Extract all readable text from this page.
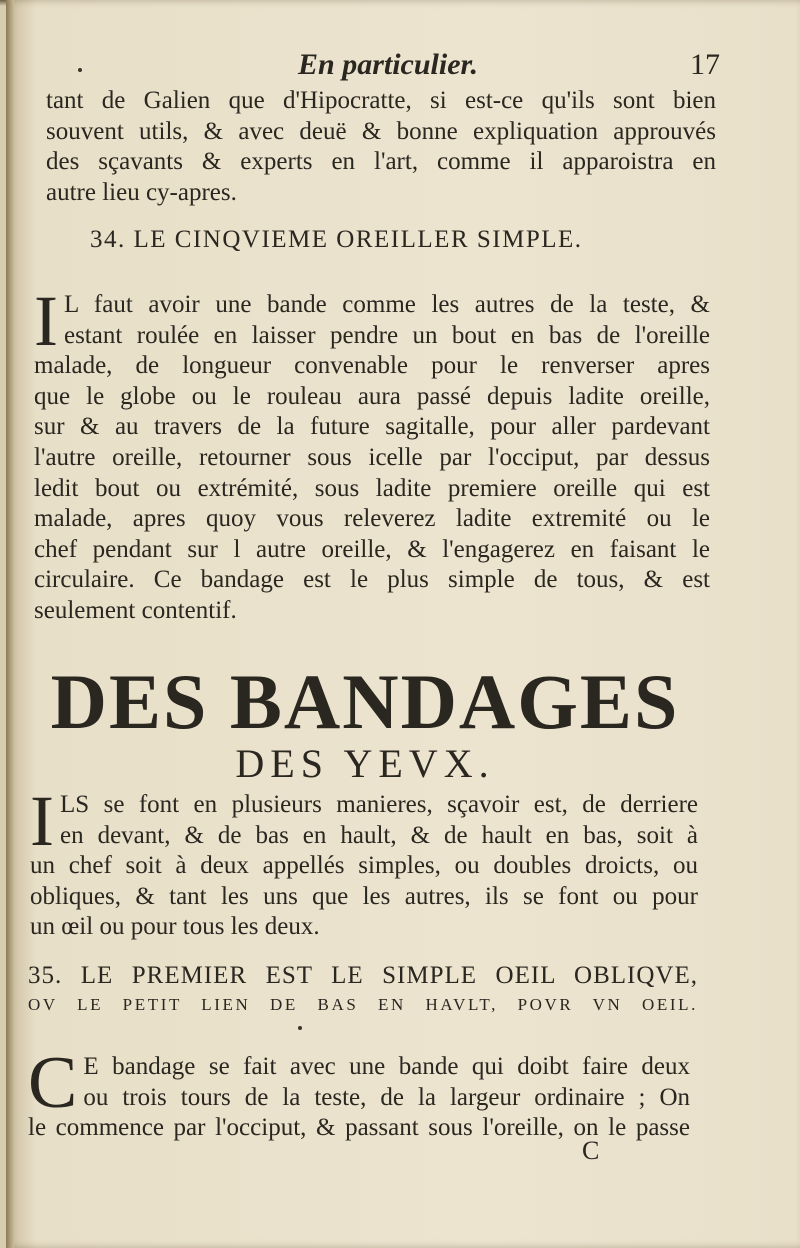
En particulier.	17
tant de Galien que d'Hipocratte, si est-ce qu'ils sont bien
souvent utils, & avec deuë & bonne expliquation approuvés
des sçavants & experts en l'art, comme il apparoistra en
autre lieu cy-apres.
34. LE CINQVIEME OREILLER SIMPLE.
I L faut avoir une bande comme les autres de la teste, &
estant roulée en laisser pendre un bout en bas de l'oreille
malade, de longueur convenable pour le renverser apres
que le globe ou le rouleau aura passé depuis ladite oreille,
sur & au travers de la future sagitalle, pour aller pardevant
l'autre oreille, retourner sous icelle par l'occiput, par dessus
ledit bout ou extrémité, sous ladite premiere oreille qui est
malade, apres quoy vous releverez ladite extremité ou le
chef pendant sur l autre oreille, & l'engagerez en faisant le
circulaire. Ce bandage est le plus simple de tous, & est
seulement contentif.
DES BANDAGES
DES YEVX.
I LS se font en plusieurs manieres, sçavoir est, de derriere
en devant, & de bas en hault, & de hault en bas, soit à
un chef soit à deux appellés simples, ou doubles droicts, ou
obliques, & tant les uns que les autres, ils se font ou pour
un œil ou pour tous les deux.
35. LE PREMIER EST LE SIMPLE OEIL OBLIQVE,
OV LE PETIT LIEN DE BAS EN HAVLT, POVR VN OEIL.
C E bandage se fait avec une bande qui doibt faire deux
ou trois tours de la teste, de la largeur ordinaire ; On
le commence par l'occiput, & passant sous l'oreille, on le passe
C
